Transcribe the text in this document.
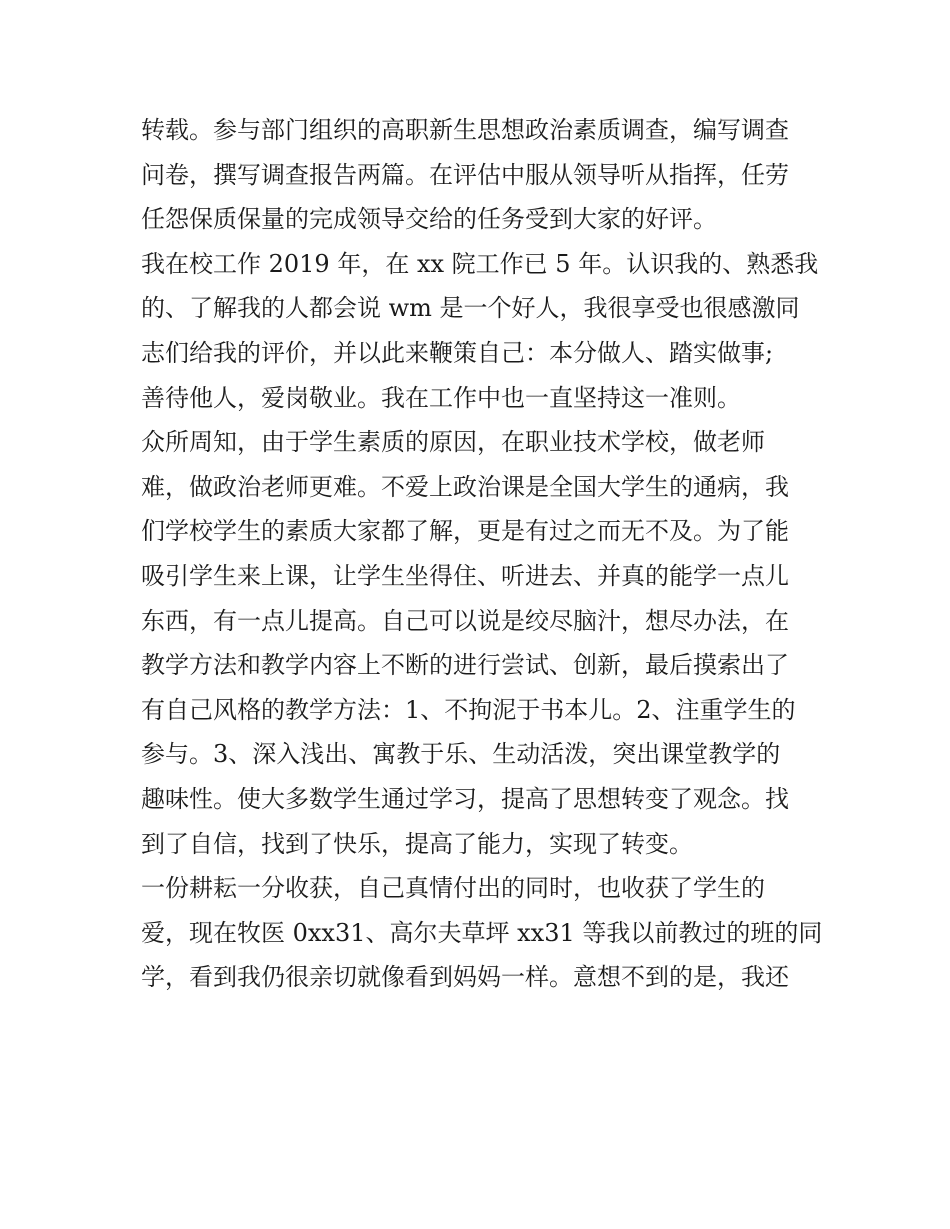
转载。参与部门组织的高职新生思想政治素质调查，编写调查
问卷，撰写调查报告两篇。在评估中服从领导听从指挥，任劳
任怨保质保量的完成领导交给的任务受到大家的好评。
我在校工作 2019 年，在 xx 院工作已 5 年。认识我的、熟悉我
的、了解我的人都会说 wm 是一个好人，我很享受也很感激同
志们给我的评价，并以此来鞭策自己：本分做人、踏实做事;
善待他人，爱岗敬业。我在工作中也一直坚持这一准则。
众所周知，由于学生素质的原因，在职业技术学校，做老师
难，做政治老师更难。不爱上政治课是全国大学生的通病，我
们学校学生的素质大家都了解，更是有过之而无不及。为了能
吸引学生来上课，让学生坐得住、听进去、并真的能学一点儿
东西，有一点儿提高。自己可以说是绞尽脑汁，想尽办法，在
教学方法和教学内容上不断的进行尝试、创新，最后摸索出了
有自己风格的教学方法：1、不拘泥于书本儿。2、注重学生的
参与。3、深入浅出、寓教于乐、生动活泼，突出课堂教学的
趣味性。使大多数学生通过学习，提高了思想转变了观念。找
到了自信，找到了快乐，提高了能力，实现了转变。
一份耕耘一分收获，自己真情付出的同时，也收获了学生的
爱，现在牧医 0xx31、高尔夫草坪 xx31 等我以前教过的班的同
学，看到我仍很亲切就像看到妈妈一样。意想不到的是，我还
